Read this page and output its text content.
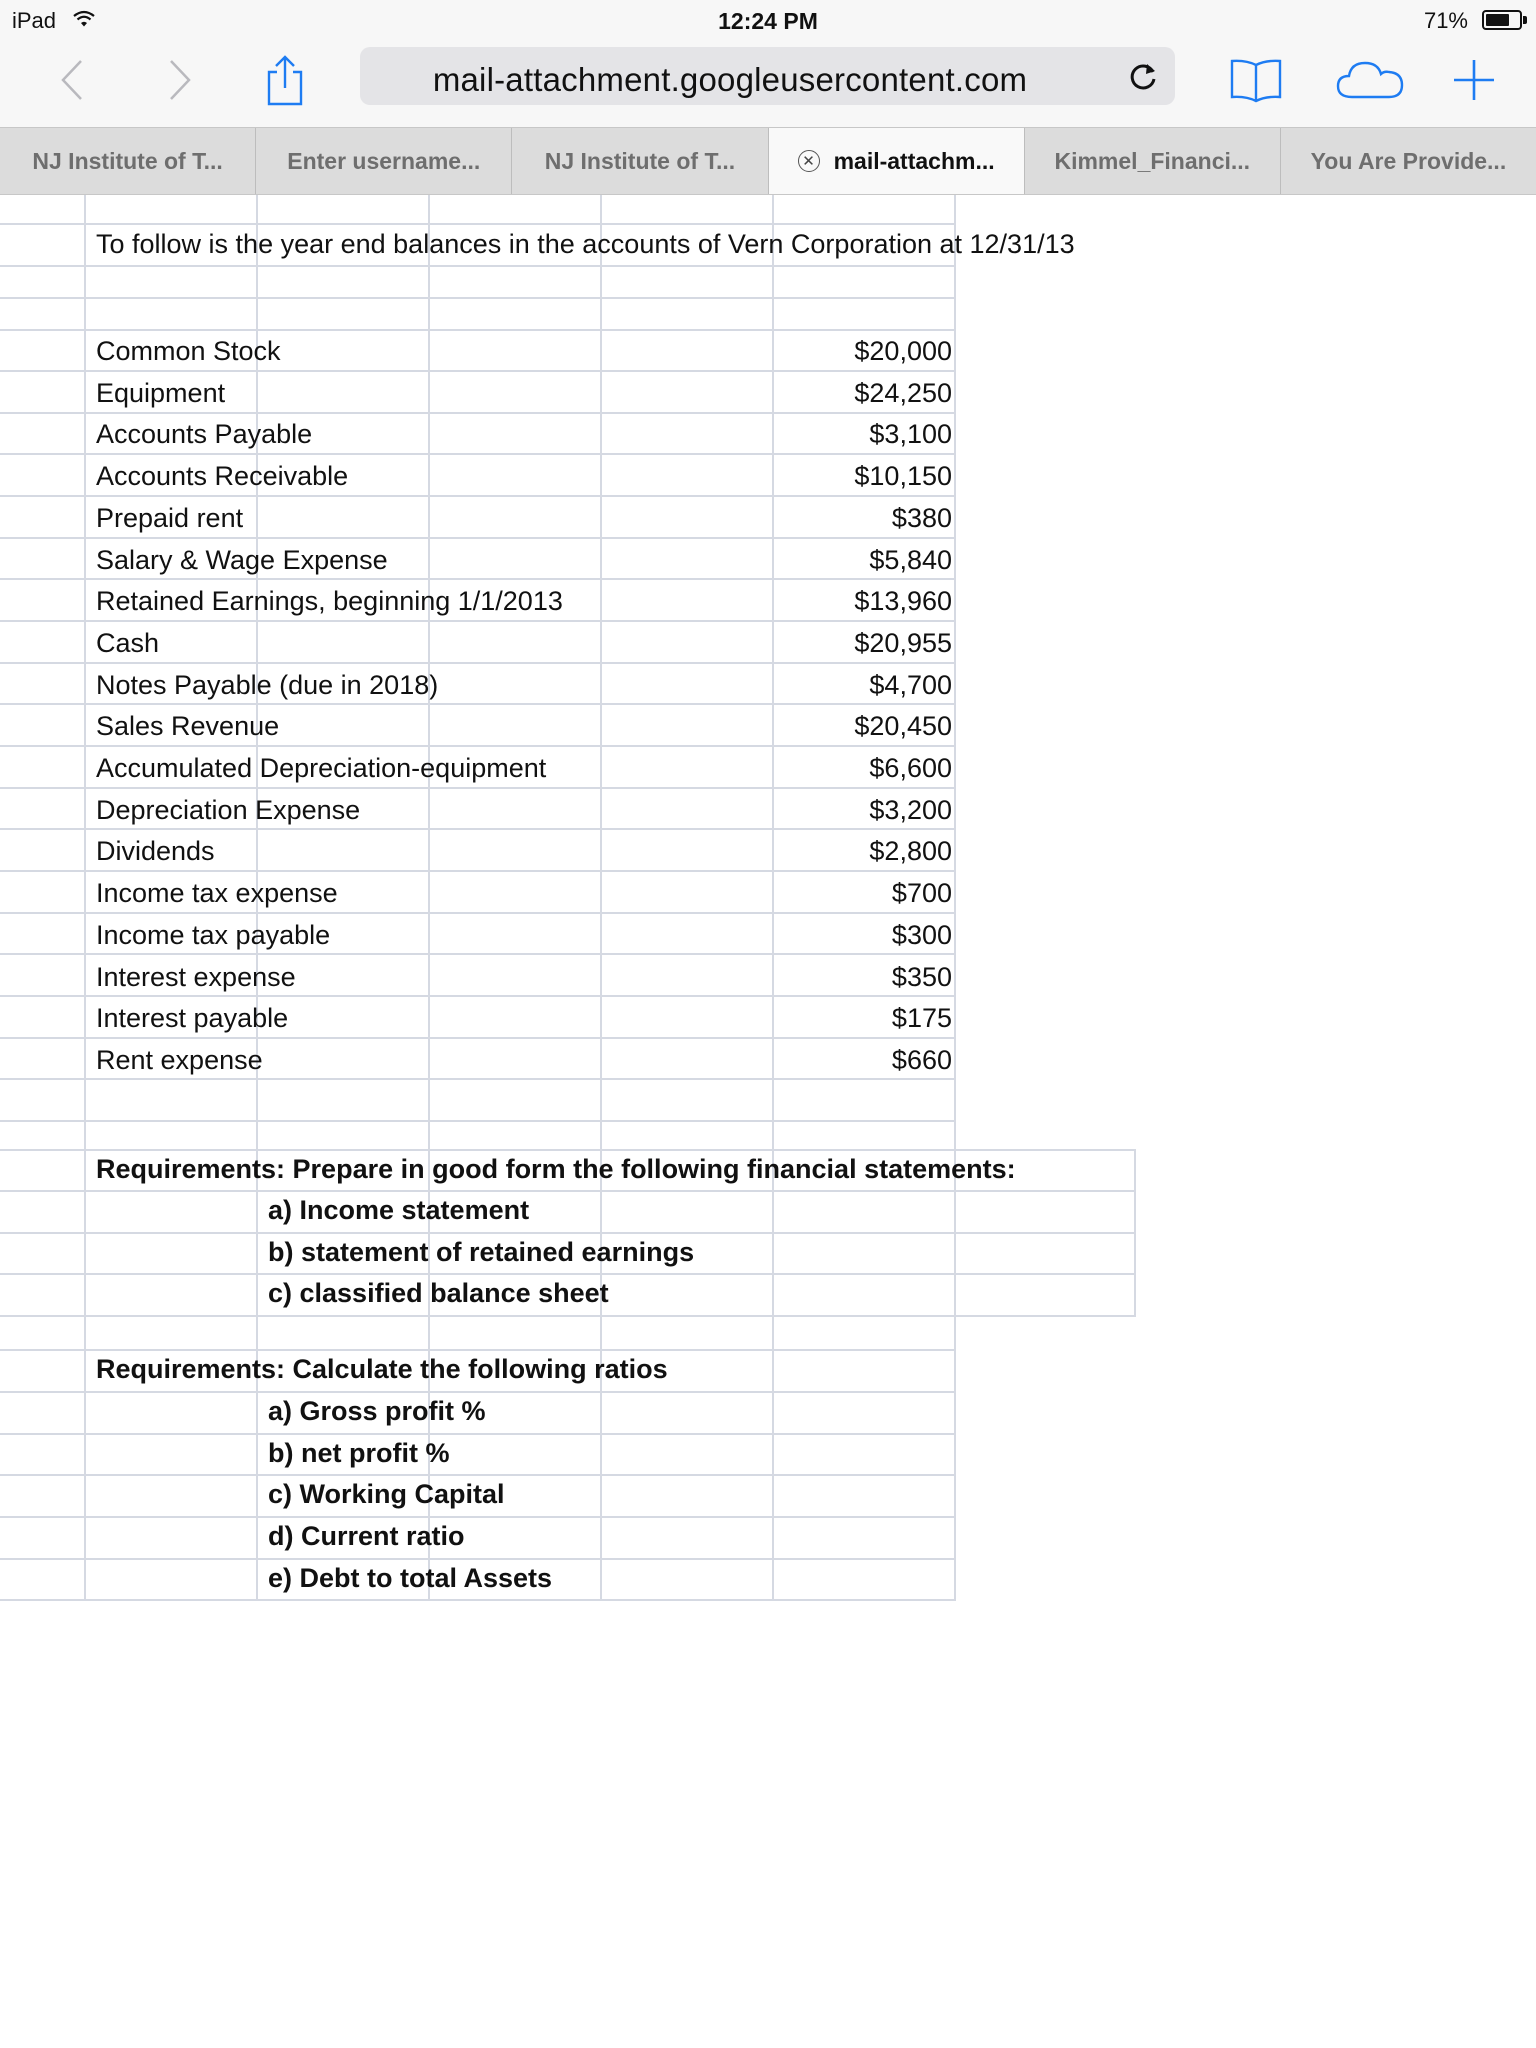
iPad	12:24 PM	71%
mail-attachment.googleusercontent.com
NJ Institute of T...	Enter username...	NJ Institute of T...	✕ mail-attachm...	Kimmel_Financi...	You Are Provide...
To follow is the year end balances in the accounts of Vern Corporation at 12/31/13
Common Stock	$20,000
Equipment	$24,250
Accounts Payable	$3,100
Accounts Receivable	$10,150
Prepaid rent	$380
Salary & Wage Expense	$5,840
Retained Earnings, beginning 1/1/2013	$13,960
Cash	$20,955
Notes Payable (due in 2018)	$4,700
Sales Revenue	$20,450
Accumulated Depreciation-equipment	$6,600
Depreciation Expense	$3,200
Dividends	$2,800
Income tax expense	$700
Income tax payable	$300
Interest expense	$350
Interest payable	$175
Rent expense	$660
Requirements: Prepare in good form the following financial statements:
a) Income statement
b) statement of retained earnings
c) classified balance sheet
Requirements: Calculate the following ratios
a) Gross profit %
b) net profit %
c) Working Capital
d) Current ratio
e) Debt to total Assets
